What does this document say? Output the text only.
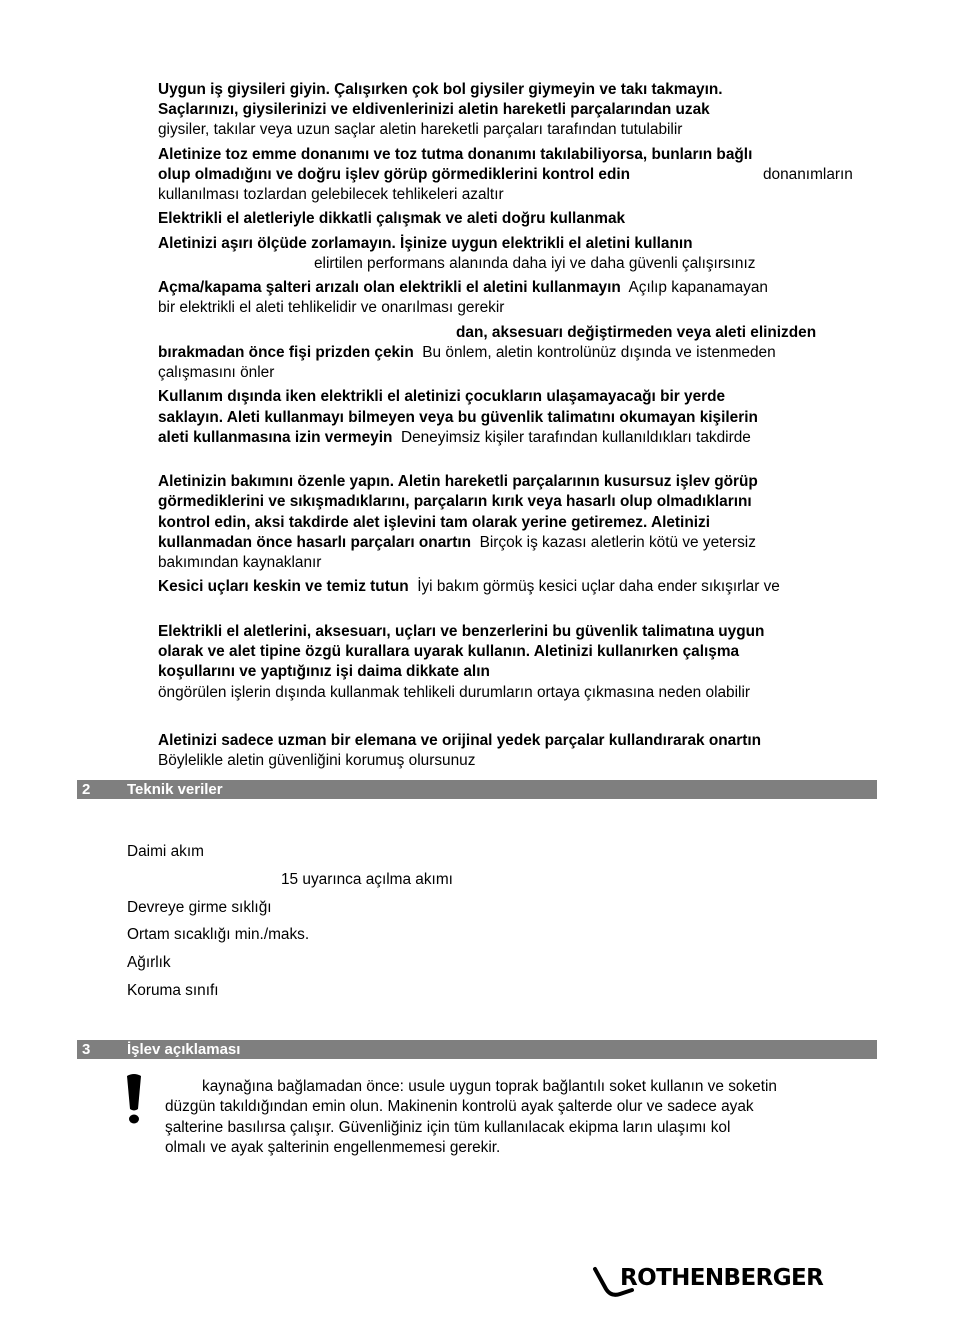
Uygun iş giysileri giyin. Çalışırken çok bol giysiler giymeyin ve takı takmayın.
Saçlarınızı, giysilerinizi ve eldivenlerinizi aletin hareketli parçalarından uzak
giysiler, takılar veya uzun saçlar aletin hareketli parçaları tarafından tutulabilir
Aletinize toz emme donanımı ve toz tutma donanımı takılabiliyorsa, bunların bağlı
olup olmadığını ve doğru işlev görüp görmediklerini kontrol edin	donanımların
kullanılması tozlardan gelebilecek tehlikeleri azaltır
Elektrikli el aletleriyle dikkatli çalışmak ve aleti doğru kullanmak
Aletinizi aşırı ölçüde zorlamayın. İşinize uygun elektrikli el aletini kullanın
elirtilen performans alanında daha iyi ve daha güvenli çalışırsınız
Açma/kapama şalteri arızalı olan elektrikli el aletini kullanmayın Açılıp kapanamayan
bir elektrikli el aleti tehlikelidir ve onarılması gerekir
dan, aksesuarı değiştirmeden veya aleti elinizden
bırakmadan önce fişi prizden çekin Bu önlem, aletin kontrolünüz dışında ve istenmeden
çalışmasını önler
Kullanım dışında iken elektrikli el aletinizi çocukların ulaşamayacağı bir yerde
saklayın. Aleti kullanmayı bilmeyen veya bu güvenlik talimatını okumayan kişilerin
aleti kullanmasına izin vermeyin Deneyimsiz kişiler tarafından kullanıldıkları takdirde
Aletinizin bakımını özenle yapın. Aletin hareketli parçalarının kusursuz işlev görüp
görmediklerini ve sıkışmadıklarını, parçaların kırık veya hasarlı olup olmadıklarını
kontrol edin, aksi takdirde alet işlevini tam olarak yerine getiremez. Aletinizi
kullanmadan önce hasarlı parçaları onartın Birçok iş kazası aletlerin kötü ve yetersiz
bakımından kaynaklanır
Kesici uçları keskin ve temiz tutun İyi bakım görmüş kesici uçlar daha ender sıkışırlar ve
Elektrikli el aletlerini, aksesuarı, uçları ve benzerlerini bu güvenlik talimatına uygun
olarak ve alet tipine özgü kurallara uyarak kullanın. Aletinizi kullanırken çalışma
koşullarını ve yaptığınız işi daima dikkate alın
öngörülen işlerin dışında kullanmak tehlikeli durumların ortaya çıkmasına neden olabilir
Aletinizi sadece uzman bir elemana ve orijinal yedek parçalar kullandırarak onartın
Böylelikle aletin güvenliğini korumuş olursunuz
2 Teknik veriler
Daimi akım
15 uyarınca açılma akımı
Devreye girme sıklığı
Ortam sıcaklığı min./maks.
Ağırlık
Koruma sınıfı
3 İşlev açıklaması
kaynağına bağlamadan önce: usule uygun toprak bağlantılı soket kullanın ve soketin
düzgün takıldığından emin olun. Makinenin kontrolü ayak şalterde olur ve sadece ayak
şalterine basılırsa çalışır. Güvenliğiniz için tüm kullanılacak ekipma ların ulaşımı kol
olmalı ve ayak şalterinin engellenmemesi gerekir.
ROTHENBERGER
